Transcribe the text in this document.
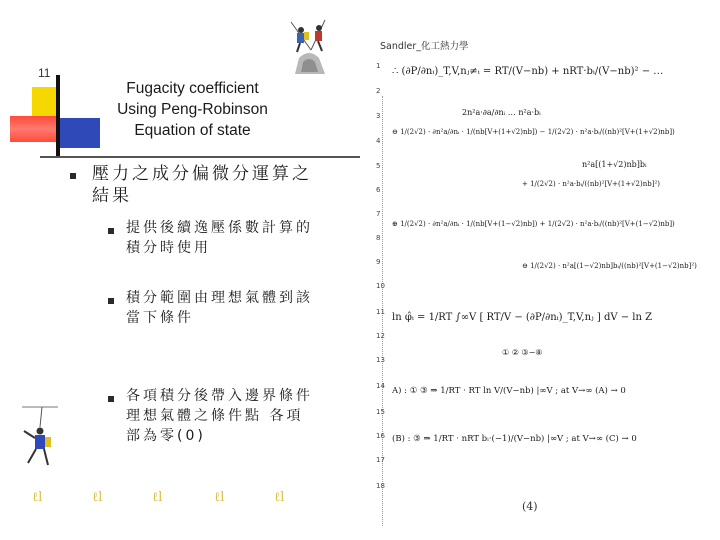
11
Fugacity coefficient
Using Peng-Robinson
Equation of state
壓力之成分偏微分運算之
結果
提供後續逸壓係數計算的
積分時使用
積分範圍由理想氣體到該
當下條件
各項積分後帶入邊界條件
理想氣體之條件點 各項
部為零(0)
ℓl	ℓl	ℓl	ℓl	ℓl
Sandler_化工熱力學
1
2
3
4
5
6
7
8
9
10
11
12
13
14
15
16
17
18
∴ (∂P/∂nᵢ)_T,V,nⱼ≠ᵢ = RT/(V−nb) + nRT·bᵢ/(V−nb)² − …
2n²a·∂a/∂nᵢ … n²a·bᵢ
⊖ 1/(2√2) · ∂n²a/∂nᵢ · 1/(nb[V+(1+√2)nb]) − 1/(2√2) · n²a·bᵢ/((nb)²[V+(1+√2)nb])
n²a[(1+√2)nb]bᵢ
+ 1/(2√2) · n²a·bᵢ/((nb)²[V+(1+√2)nb]²)
⊕ 1/(2√2) · ∂n²a/∂nᵢ · 1/(nb[V+(1−√2)nb]) + 1/(2√2) · n²a·bᵢ/((nb)²[V+(1−√2)nb])
⊖ 1/(2√2) · n²a[(1−√2)nb]bᵢ/((nb)²[V+(1−√2)nb]²)
ln φ̂ᵢ = 1/RT ∫∞V [ RT/V − (∂P/∂nᵢ)_T,V,nⱼ ] dV − ln Z
① ② ③−⑧
A) : ① ③ ⇒ 1/RT · RT ln V/(V−nb) |∞V ; at V→∞ (A) → 0
(B) : ③ ⇒ 1/RT · nRT bᵢ·(−1)/(V−nb) |∞V ; at V→∞ (C) → 0
(4)
